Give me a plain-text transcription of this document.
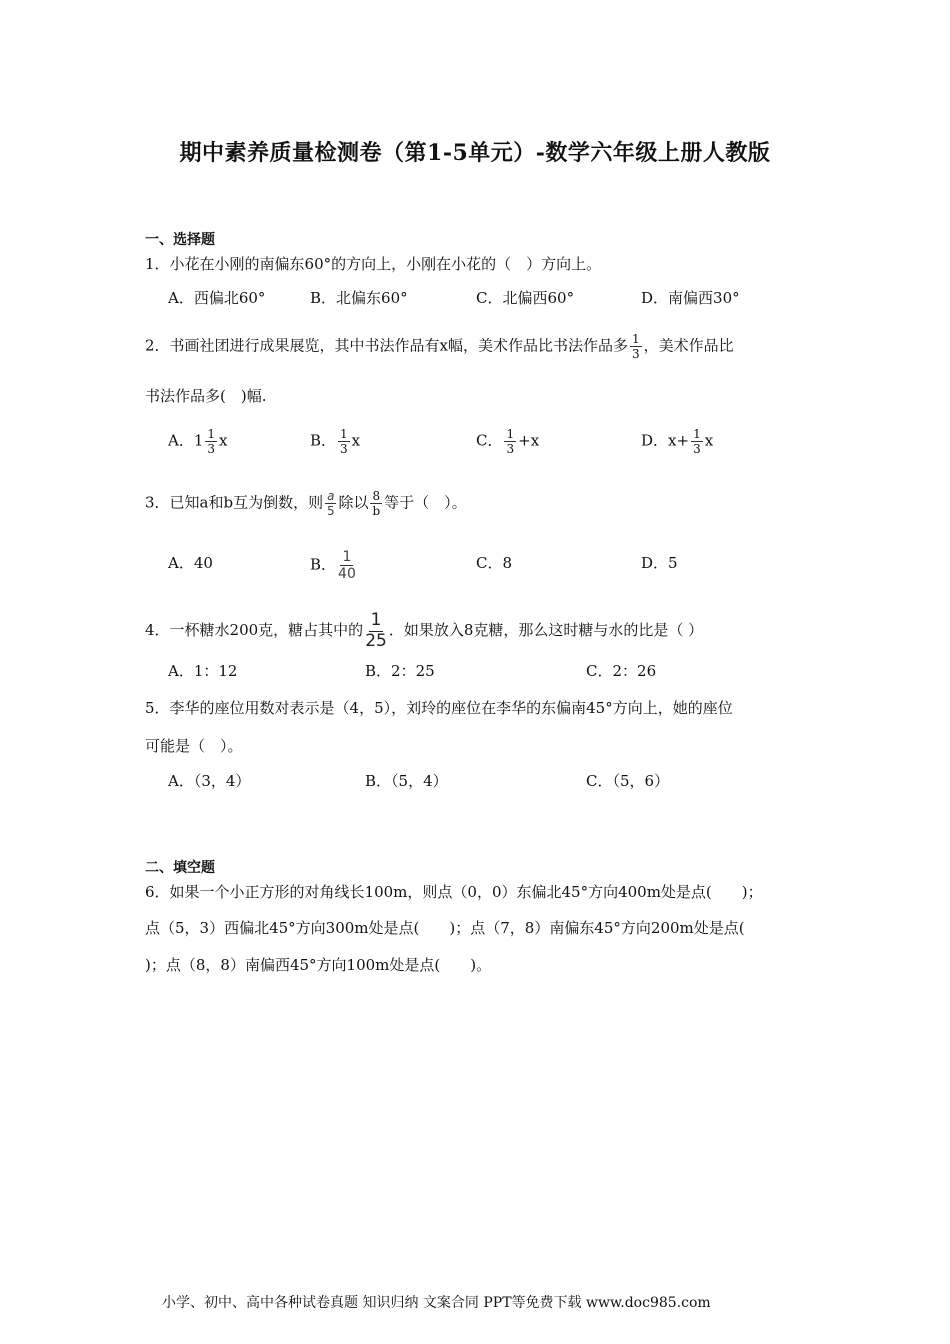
期中素养质量检测卷（第1-5单元）-数学六年级上册人教版
一、选择题
1．小花在小刚的南偏东60°的方向上，小刚在小花的（　）方向上。
A．西偏北60°	B．北偏东60°	C．北偏西60°	D．南偏西30°
2．书画社团进行成果展览，其中书法作品有x幅，美术作品比书法作品多 $\frac{1}{3}$ ，美术作品比
书法作品多(　)幅.
A．$1 \frac{1}{3}$ x	B． $\frac{1}{3}$ x	C． $\frac{1}{3} +x$	D．$x+ \frac{1}{3}$ x
3．已知a和b互为倒数，则 $\frac{a}{5}$ 除以 $\frac{8}{b}$ 等于（　）。
A．40	B． $\frac{1}{40}$	C．8	D．5
4．一杯糖水200克，糖占其中的 $\frac{1}{25}$ ．如果放入8克糖，那么这时糖与水的比是（ ）
A．1：12	B．2：25	C．2：26
5．李华的座位用数对表示是（4，5），刘玲的座位在李华的东偏南45°方向上，她的座位
可能是（　）。
A．（3，4）	B．（5，4）	C．（5，6）
二、填空题
6．如果一个小正方形的对角线长100m，则点（0，0）东偏北45°方向400m处是点(　　)；
点（5，3）西偏北45°方向300m处是点(　　)；点（7，8）南偏东45°方向200m处是点(
)；点（8，8）南偏西45°方向100m处是点(　　)。
小学、初中、高中各种试卷真题 知识归纳 文案合同 PPT等免费下载 www.doc985.com
